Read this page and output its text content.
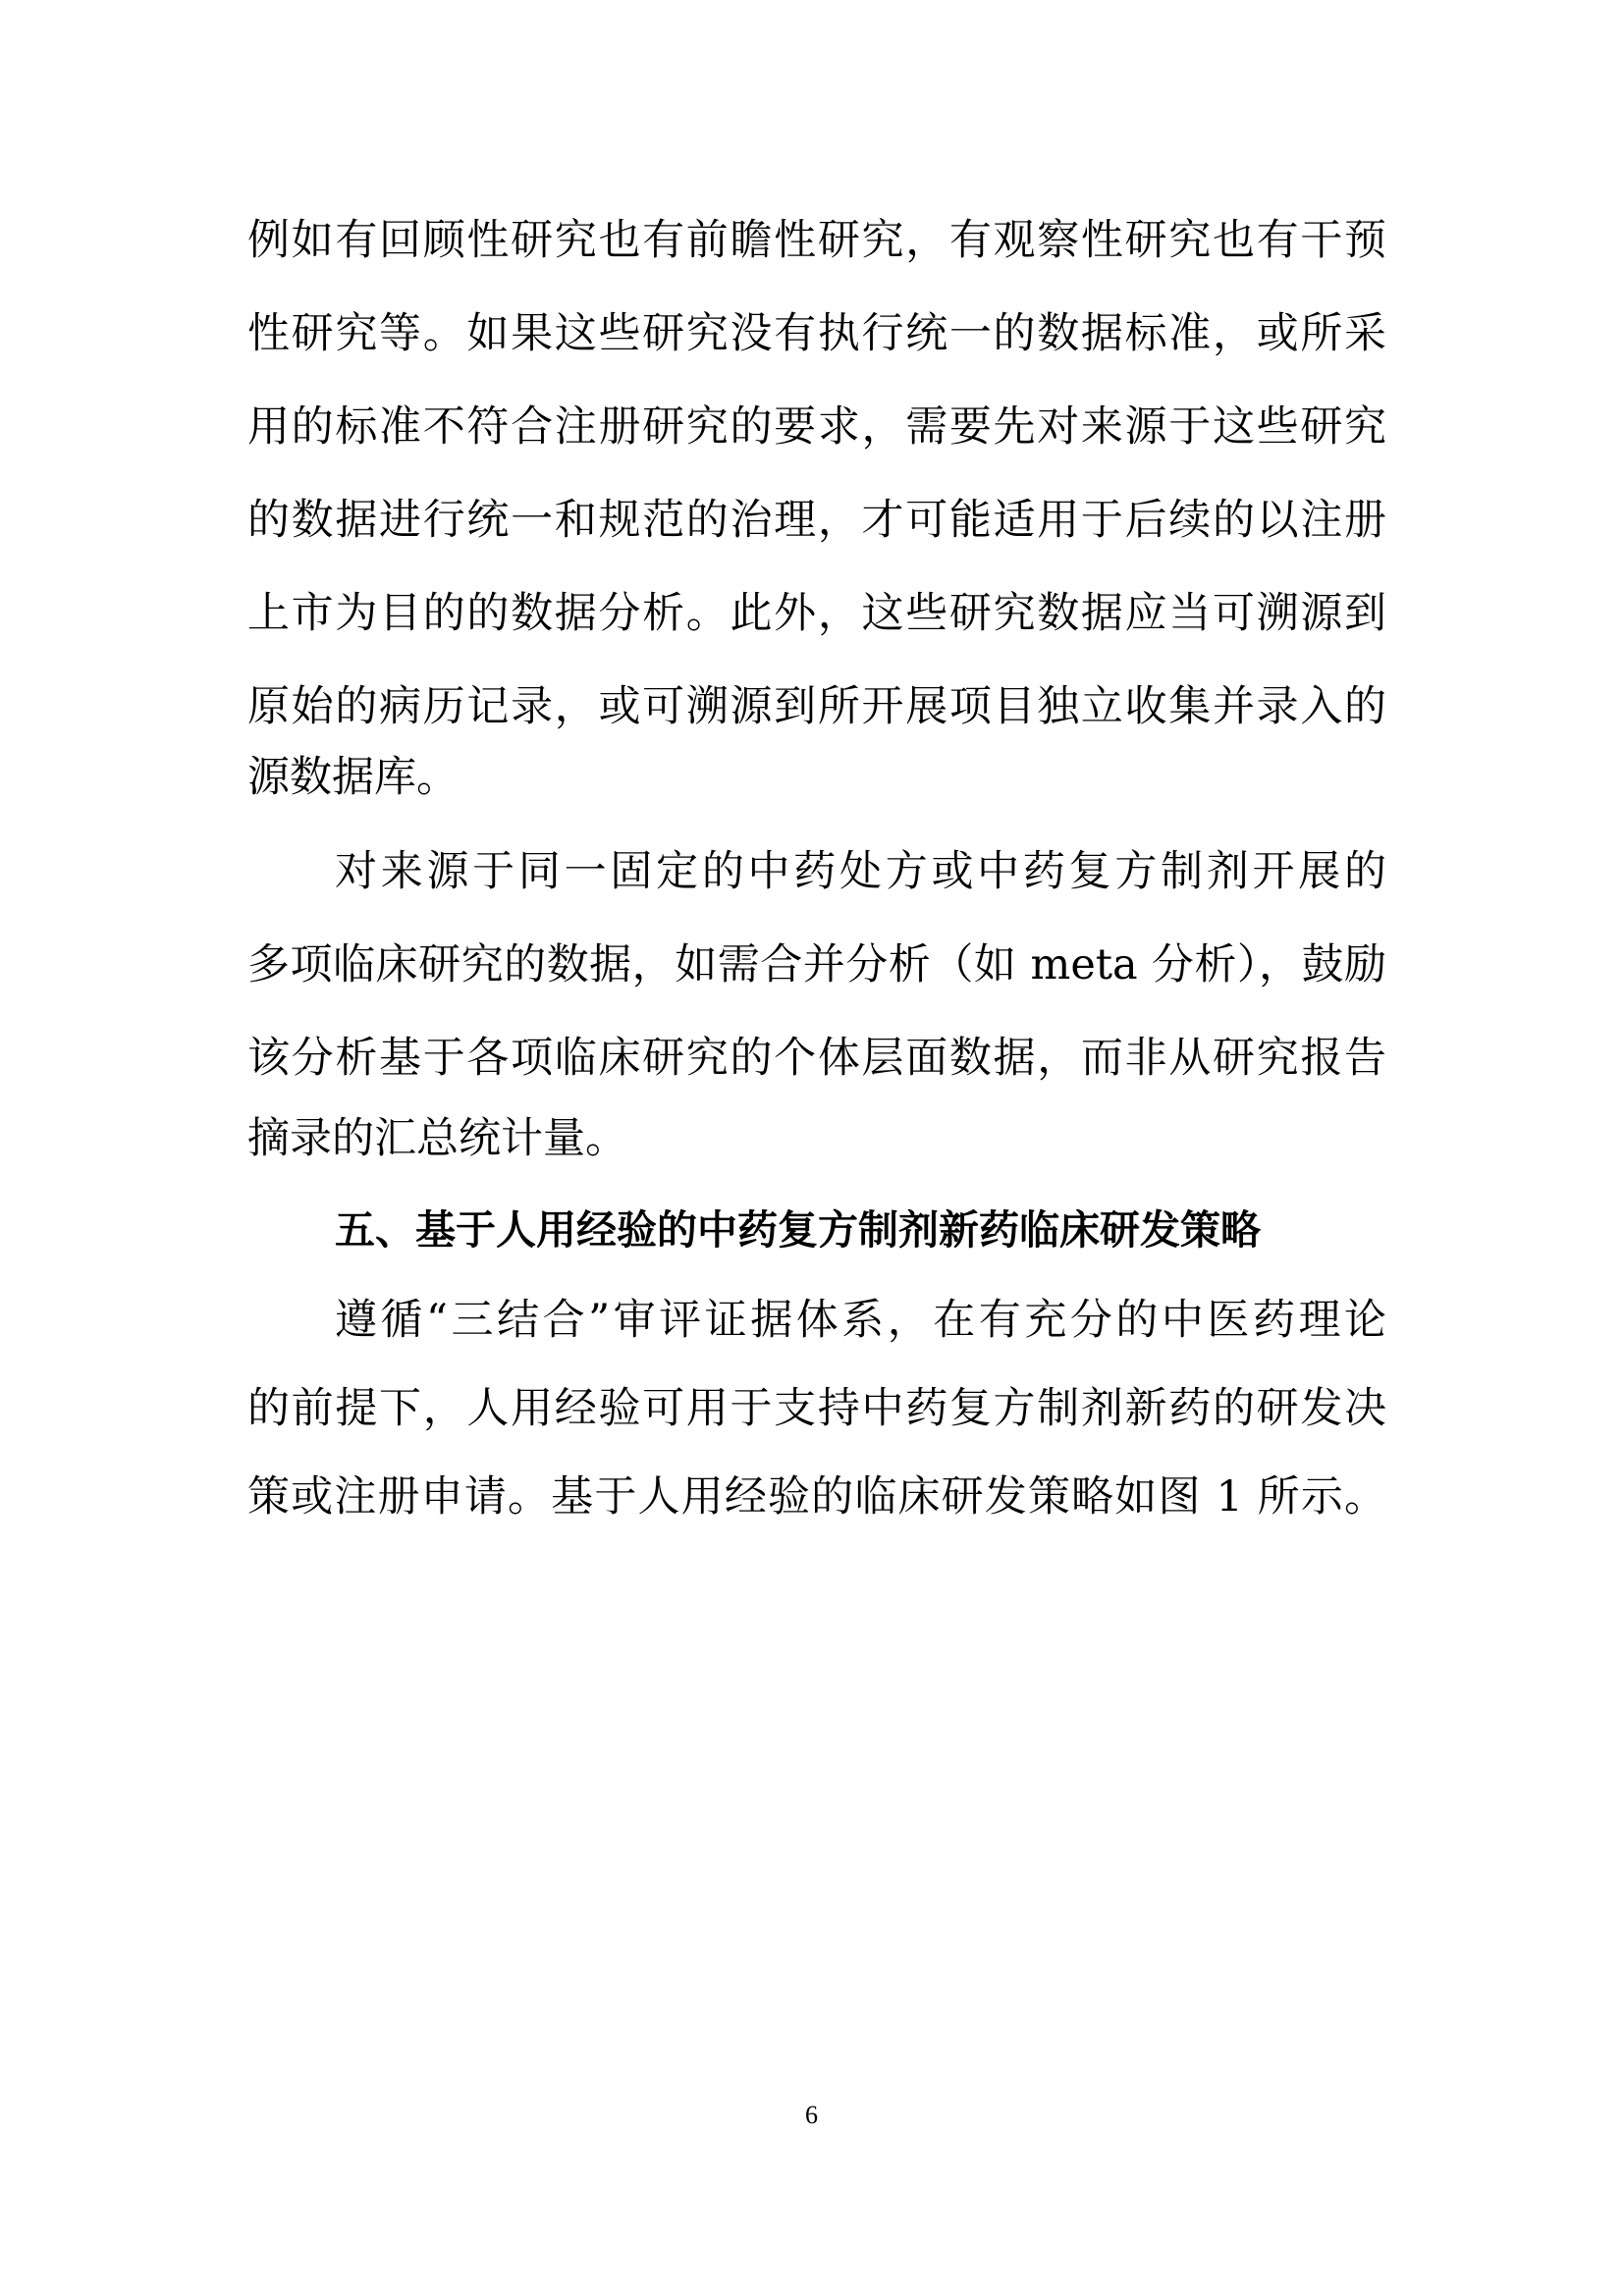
例如有回顾性研究也有前瞻性研究，有观察性研究也有干预
性研究等。如果这些研究没有执行统一的数据标准，或所采
用的标准不符合注册研究的要求，需要先对来源于这些研究
的数据进行统一和规范的治理，才可能适用于后续的以注册
上市为目的的数据分析。此外，这些研究数据应当可溯源到
原始的病历记录，或可溯源到所开展项目独立收集并录入的
源数据库。
对来源于同一固定的中药处方或中药复方制剂开展的
多项临床研究的数据，如需合并分析（如 meta 分析），鼓励
该分析基于各项临床研究的个体层面数据，而非从研究报告
摘录的汇总统计量。
五、基于人用经验的中药复方制剂新药临床研发策略
遵循“三结合”审评证据体系，在有充分的中医药理论
的前提下，人用经验可用于支持中药复方制剂新药的研发决
策或注册申请。基于人用经验的临床研发策略如图 1 所示。
6
